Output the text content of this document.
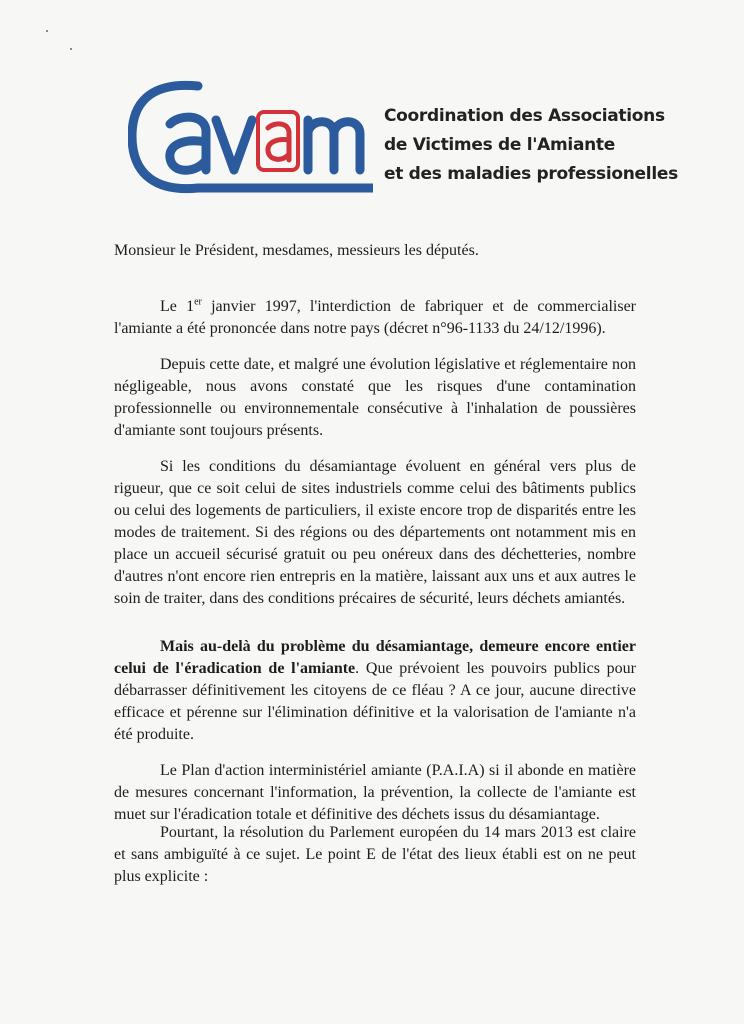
Coordination des Associations
de Victimes de l'Amiante
et des maladies professionelles
Monsieur le Président, mesdames, messieurs les députés.
Le 1er janvier 1997, l'interdiction de fabriquer et de commercialiser l'amiante a été prononcée dans notre pays (décret n°96-1133 du 24/12/1996).
Depuis cette date, et malgré une évolution législative et réglementaire non négligeable, nous avons constaté que les risques d'une contamination professionnelle ou environnementale consécutive à l'inhalation de poussières d'amiante sont toujours présents.
Si les conditions du désamiantage évoluent en général vers plus de rigueur, que ce soit celui de sites industriels comme celui des bâtiments publics ou celui des logements de particuliers, il existe encore trop de disparités entre les modes de traitement. Si des régions ou des départements ont notamment mis en place un accueil sécurisé gratuit ou peu onéreux dans des déchetteries, nombre d'autres n'ont encore rien entrepris en la matière, laissant aux uns et aux autres le soin de traiter, dans des conditions précaires de sécurité, leurs déchets amiantés.
Mais au-delà du problème du désamiantage, demeure encore entier celui de l'éradication de l'amiante. Que prévoient les pouvoirs publics pour débarrasser définitivement les citoyens de ce fléau ? A ce jour, aucune directive efficace et pérenne sur l'élimination définitive et la valorisation de l'amiante n'a été produite.
Le Plan d'action interministériel amiante (P.A.I.A) si il abonde en matière de mesures concernant l'information, la prévention, la collecte de l'amiante est muet sur l'éradication totale et définitive des déchets issus du désamiantage.
Pourtant, la résolution du Parlement européen du 14 mars 2013 est claire et sans ambiguïté à ce sujet. Le point E de l'état des lieux établi est on ne peut plus explicite :
